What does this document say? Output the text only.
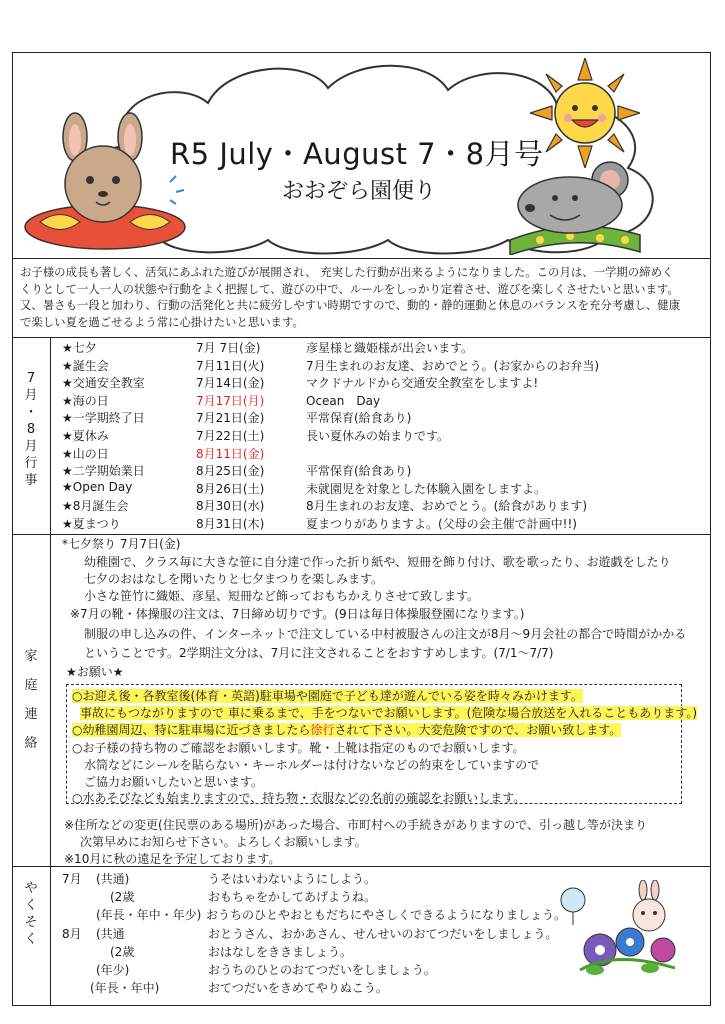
R5 July・August 7・8月号
おおぞら園便り
お子様の成長も著しく、活気にあふれた遊びが展開され、 充実した行動が出来るようになりました。この月は、一学期の締めく
くりとして一人一人の状態や行動をよく把握して、遊びの中で、ルールをしっかり定着させ、遊びを楽しくさせたいと思います。
又、暑さも一段と加わり、行動の活発化と共に疲労しやすい時期ですので、動的・静的運動と休息のバランスを充分考慮し、健康
で楽しい夏を過ごせるよう常に心掛けたいと思います。
7
月
・
8
月
行
事
★七夕	7月 7日(金)	彦星様と織姫様が出会います。
★誕生会	7月11日(火)	7月生まれのお友達、おめでとう。(お家からのお弁当)
★交通安全教室	7月14日(金)	マクドナルドから交通安全教室をしますよ!
★海の日	7月17日(月)	Ocean　Day
★一学期終了日	7月21日(金)	平常保育(給食あり)
★夏休み	7月22日(土)	長い夏休みの始まりです。
★山の日	8月11日(金)
★二学期始業日	8月25日(金)	平常保育(給食あり)
★Open Day	8月26日(土)	未就園児を対象とした体験入園をしますよ。
★8月誕生会	8月30日(水)	8月生まれのお友達、おめでとう。(給食があります)
★夏まつり	8月31日(木)	夏まつりがありますよ。(父母の会主催で計画中!!)
家
庭
連
絡
*七夕祭り 7月7日(金)
幼稚園で、クラス毎に大きな笹に自分達で作った折り紙や、短冊を飾り付け、歌を歌ったり、お遊戯をしたり
七夕のおはなしを聞いたりと七夕まつりを楽しみます。
小さな笹竹に織姫、彦星、短冊など飾っておもちかえりさせて致します。
※7月の靴・体操服の注文は、7日締め切りです。(9日は毎日体操服登園になります。)
制服の申し込みの件、インターネットで注文している中村被服さんの注文が8月～9月会社の都合で時間がかかる
ということです。2学期注文分は、7月に注文されることをおすすめします。(7/1～7/7)
★お願い★
○お迎え後・各教室後(体育・英語)駐車場や園庭で子ども達が遊んでいる姿を時々みかけます。
事故にもつながりますので 車に乗るまで、手をつないでお願いします。(危険な場合放送を入れることもあります。)
○幼稚園周辺、特に駐車場に近づきましたら徐行されて下さい。大変危険ですので、お願い致します。
○お子様の持ち物のご確認をお願いします。靴・上靴は指定のものでお願いします。
水筒などにシールを貼らない・キーホルダーは付けないなどの約束をしていますので
ご協力お願いしたいと思います。
○水あそびなども始まりますので、持ち物・衣服などの名前の確認をお願いします。
※住所などの変更(住民票のある場所)があった場合、市町村への手続きがありますので、引っ越し等が決まり
次第早めにお知らせ下さい。よろしくお願いします。
※10月に秋の遠足を予定しております。
や
く
そ
く
7月 (共通)	うそはいわないようにしよう。
(2歳	おもちゃをかしてあげようね。
(年長・年中・年少) おうちのひとやおともだちにやさしくできるようになりましょう。
8月 (共通	おとうさん、おかあさん、せんせいのおてつだいをしましょう。
(2歳	おはなしをききましょう。
(年少)	おうちのひとのおてつだいをしましょう。
(年長・年中)	おてつだいをきめてやりぬこう。
